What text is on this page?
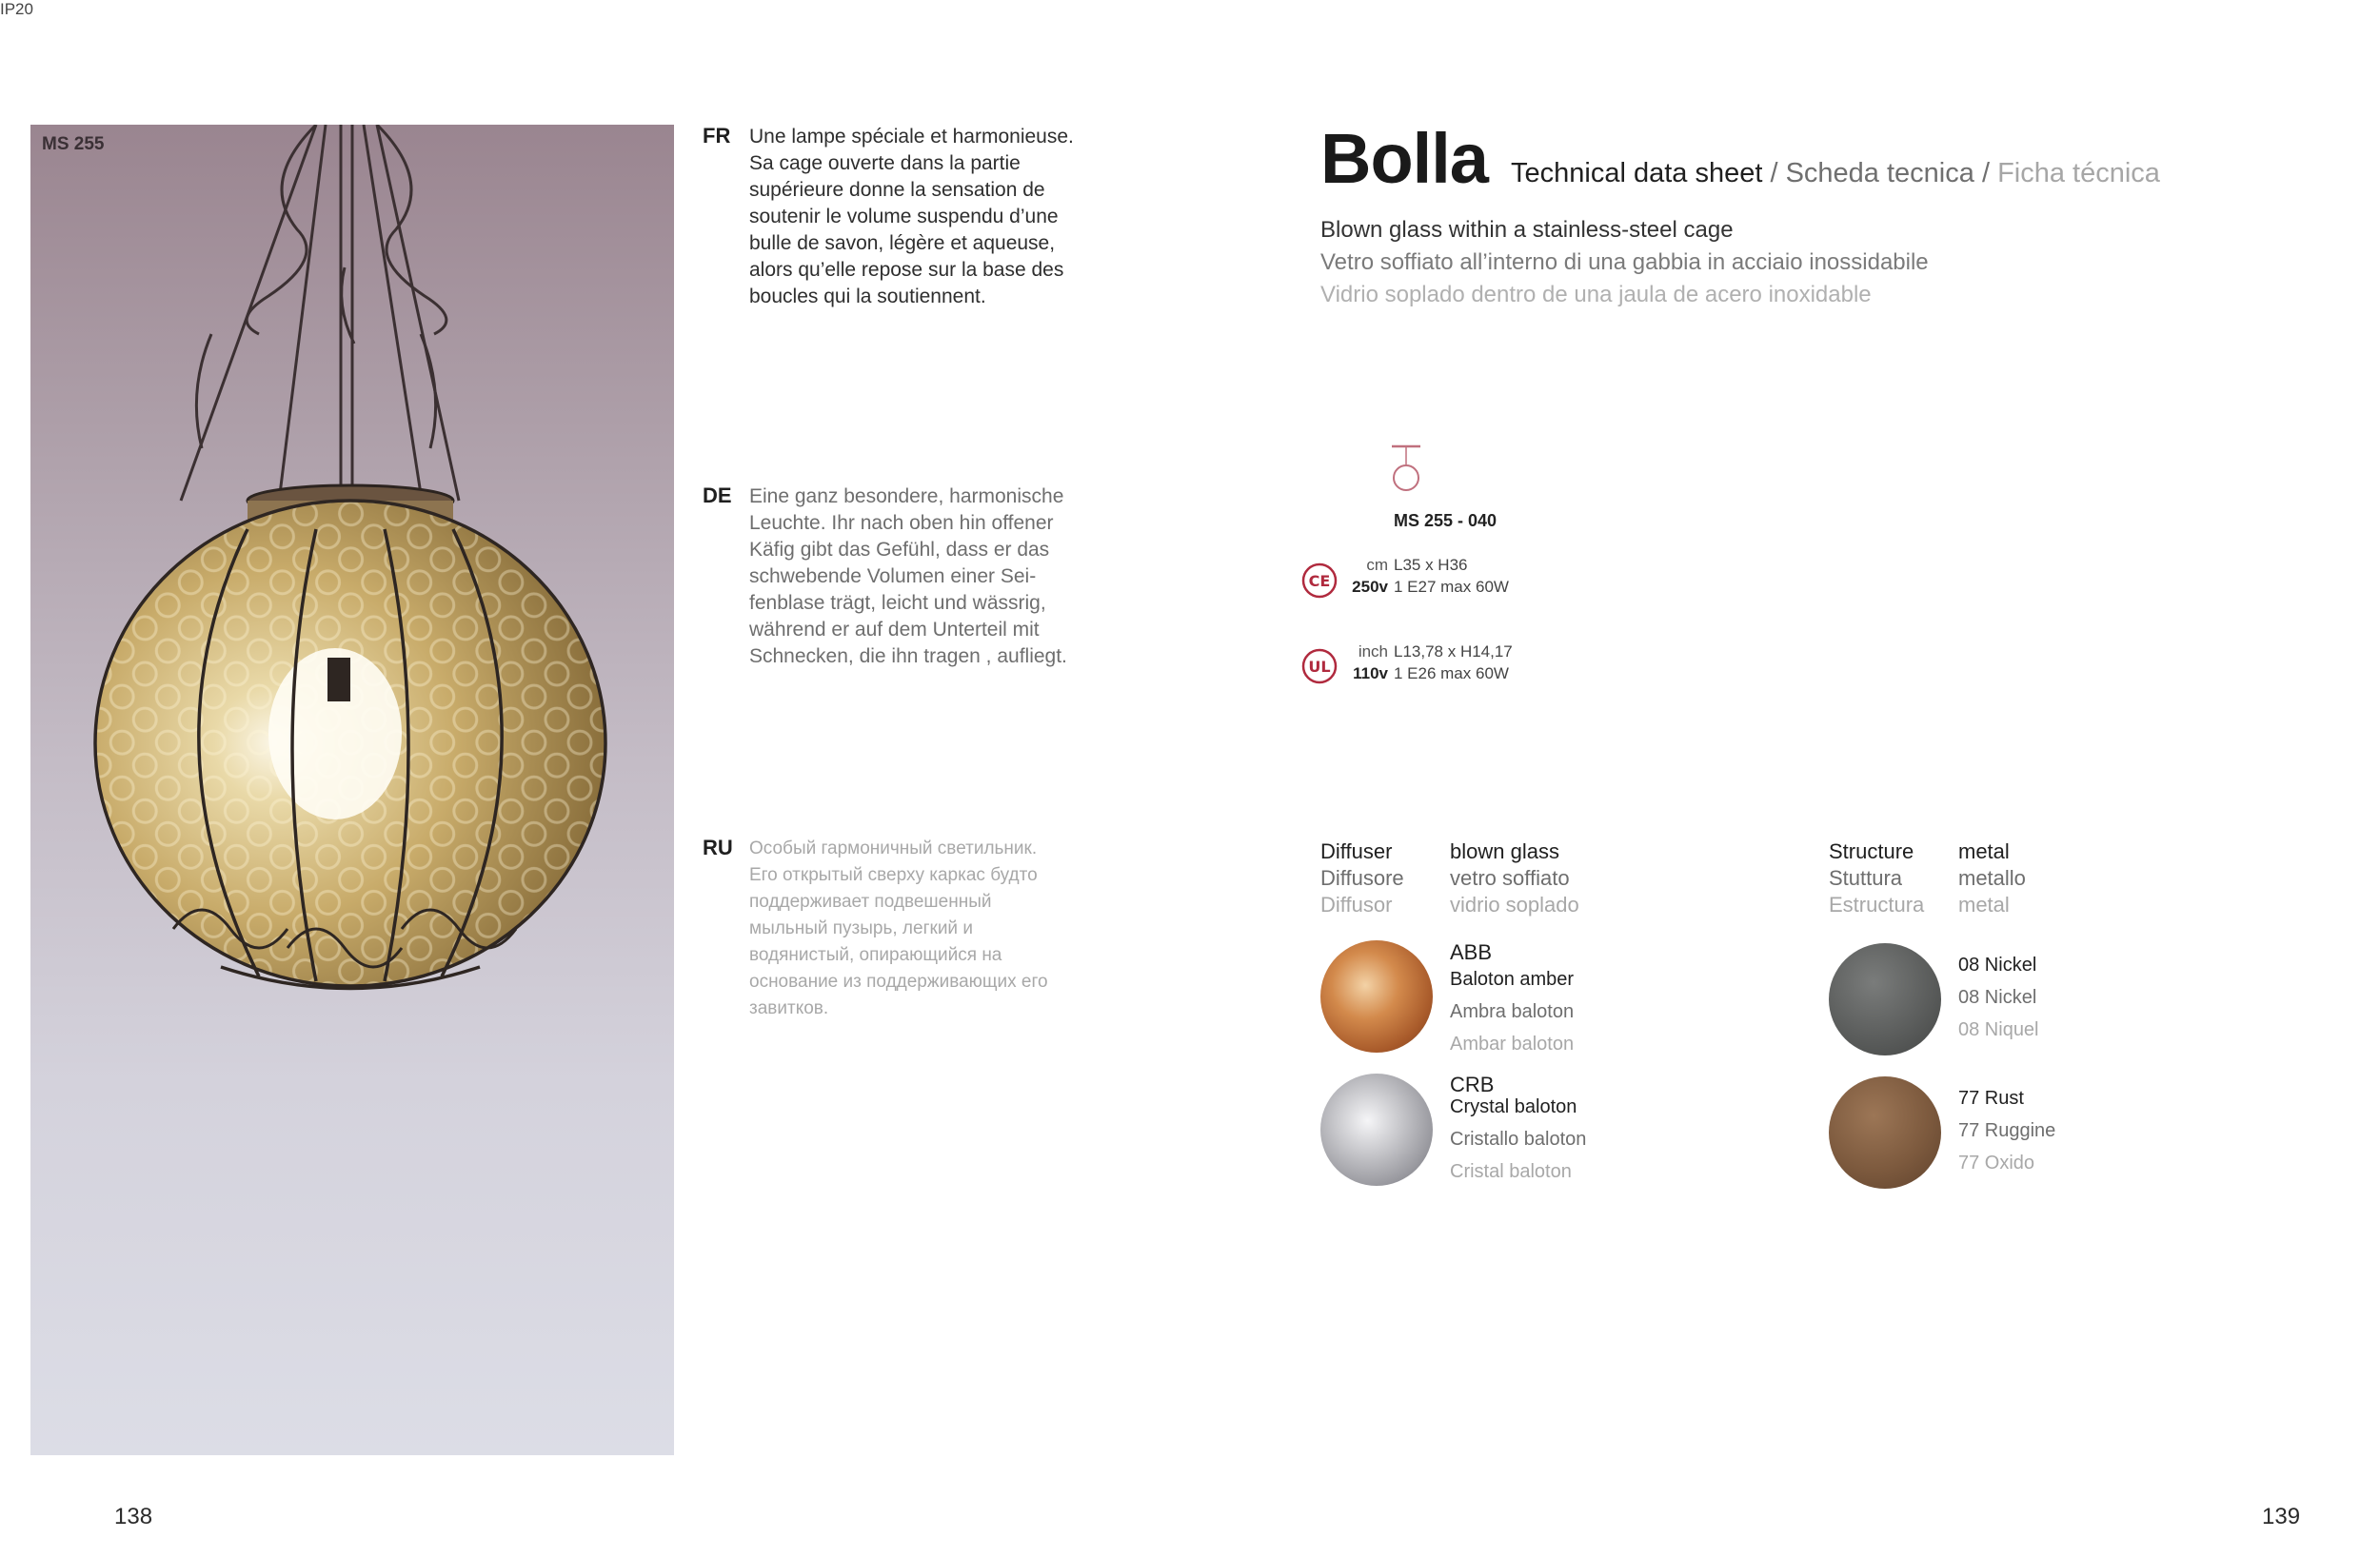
MS 255	FR Une lampe spéciale et harmonieuse.
Sa cage ouverte dans la partie
supérieure donne la sensation de
soutenir le volume suspendu d’une
bulle de savon, légère et aqueuse,
alors qu’elle repose sur la base des
boucles qui la soutiennent.
DE Eine ganz besondere, harmonische
Leuchte. Ihr nach oben hin offener
Käfig gibt das Gefühl, dass er das
schwebende Volumen einer Sei-
fenblase trägt, leicht und wässrig,
während er auf dem Unterteil mit
Schnecken, die ihn tragen , aufliegt.
RU Особый гармоничный светильник.
Его открытый сверху каркас будто
поддерживает подвешенный
мыльный пузырь, легкий и
водянистый, опирающийся на
основание из поддерживающих его
завитков.
Bolla Technical data sheet / Scheda tecnica / Ficha técnica
Blown glass within a stainless-steel cage
Vetro soffiato all’interno di una gabbia in acciaio inossidabile
Vidrio soplado dentro de una jaula de acero inoxidable
MS 255 - 040
CE
cm
250v
L35 x H36
1 E27 max 60W
UL
inch
110v
L13,78 x H14,17
1 E26 max 60W
IP20
Diffuser
Diffusore
Diffusor
blown glass
vetro soffiato
vidrio soplado
ABB
Baloton amber
Ambra baloton
Ambar baloton
CRB
Crystal baloton
Cristallo baloton
Cristal baloton
Structure
Stuttura
Estructura
metal
metallo
metal
08 Nickel
08 Nickel
08 Niquel
77 Rust
77 Ruggine
77 Oxido
138	139
